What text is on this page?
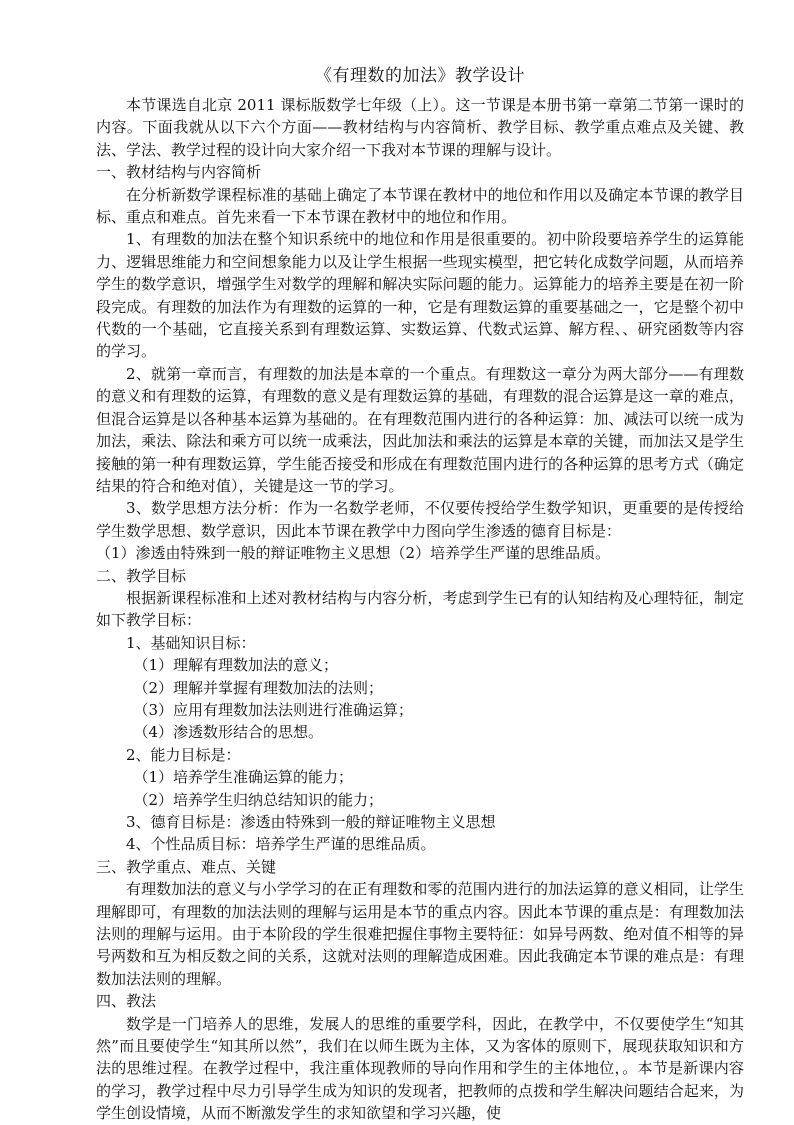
《有理数的加法》教学设计

本节课选自北京 2011 课标版数学七年级（上）。这一节课是本册书第一章第二节第一课时的内容。下面我就从以下六个方面——教材结构与内容简析、教学目标、教学重点难点及关键、教法、学法、教学过程的设计向大家介绍一下我对本节课的理解与设计。

一、教材结构与内容简析

在分析新数学课程标准的基础上确定了本节课在教材中的地位和作用以及确定本节课的教学目标、重点和难点。首先来看一下本节课在教材中的地位和作用。

1、有理数的加法在整个知识系统中的地位和作用是很重要的。初中阶段要培养学生的运算能力、逻辑思维能力和空间想象能力以及让学生根据一些现实模型，把它转化成数学问题，从而培养学生的数学意识，增强学生对数学的理解和解决实际问题的能力。运算能力的培养主要是在初一阶段完成。有理数的加法作为有理数的运算的一种，它是有理数运算的重要基础之一，它是整个初中代数的一个基础，它直接关系到有理数运算、实数运算、代数式运算、解方程、、研究函数等内容的学习。

2、就第一章而言，有理数的加法是本章的一个重点。有理数这一章分为两大部分——有理数的意义和有理数的运算，有理数的意义是有理数运算的基础，有理数的混合运算是这一章的难点，但混合运算是以各种基本运算为基础的。在有理数范围内进行的各种运算：加、减法可以统一成为加法，乘法、除法和乘方可以统一成乘法，因此加法和乘法的运算是本章的关键，而加法又是学生接触的第一种有理数运算，学生能否接受和形成在有理数范围内进行的各种运算的思考方式（确定结果的符合和绝对值），关键是这一节的学习。

3、数学思想方法分析：作为一名数学老师，不仅要传授给学生数学知识，更重要的是传授给学生数学思想、数学意识，因此本节课在教学中力图向学生渗透的德育目标是：

（1）渗透由特殊到一般的辩证唯物主义思想（2）培养学生严谨的思维品质。

二、教学目标

根据新课程标准和上述对教材结构与内容分析，考虑到学生已有的认知结构及心理特征，制定如下教学目标：

1、基础知识目标：

（1）理解有理数加法的意义；

（2）理解并掌握有理数加法的法则；

（3）应用有理数加法法则进行准确运算；

（4）渗透数形结合的思想。

2、能力目标是：

（1）培养学生准确运算的能力；

（2）培养学生归纳总结知识的能力；

3、德育目标是：渗透由特殊到一般的辩证唯物主义思想

4、个性品质目标：培养学生严谨的思维品质。

三、教学重点、难点、关键

有理数加法的意义与小学学习的在正有理数和零的范围内进行的加法运算的意义相同，让学生理解即可，有理数的加法法则的理解与运用是本节的重点内容。因此本节课的重点是：有理数加法法则的理解与运用。由于本阶段的学生很难把握住事物主要特征：如异号两数、绝对值不相等的异号两数和互为相反数之间的关系，这就对法则的理解造成困难。因此我确定本节课的难点是：有理数加法法则的理解。

四、教法

数学是一门培养人的思维，发展人的思维的重要学科，因此，在教学中，不仅要使学生“知其然”而且要使学生“知其所以然”，我们在以师生既为主体，又为客体的原则下，展现获取知识和方法的思维过程。在教学过程中，我注重体现教师的导向作用和学生的主体地位，。本节是新课内容的学习，教学过程中尽力引导学生成为知识的发现者，把教师的点拨和学生解决问题结合起来，为学生创设情境，从而不断激发学生的求知欲望和学习兴趣，使
